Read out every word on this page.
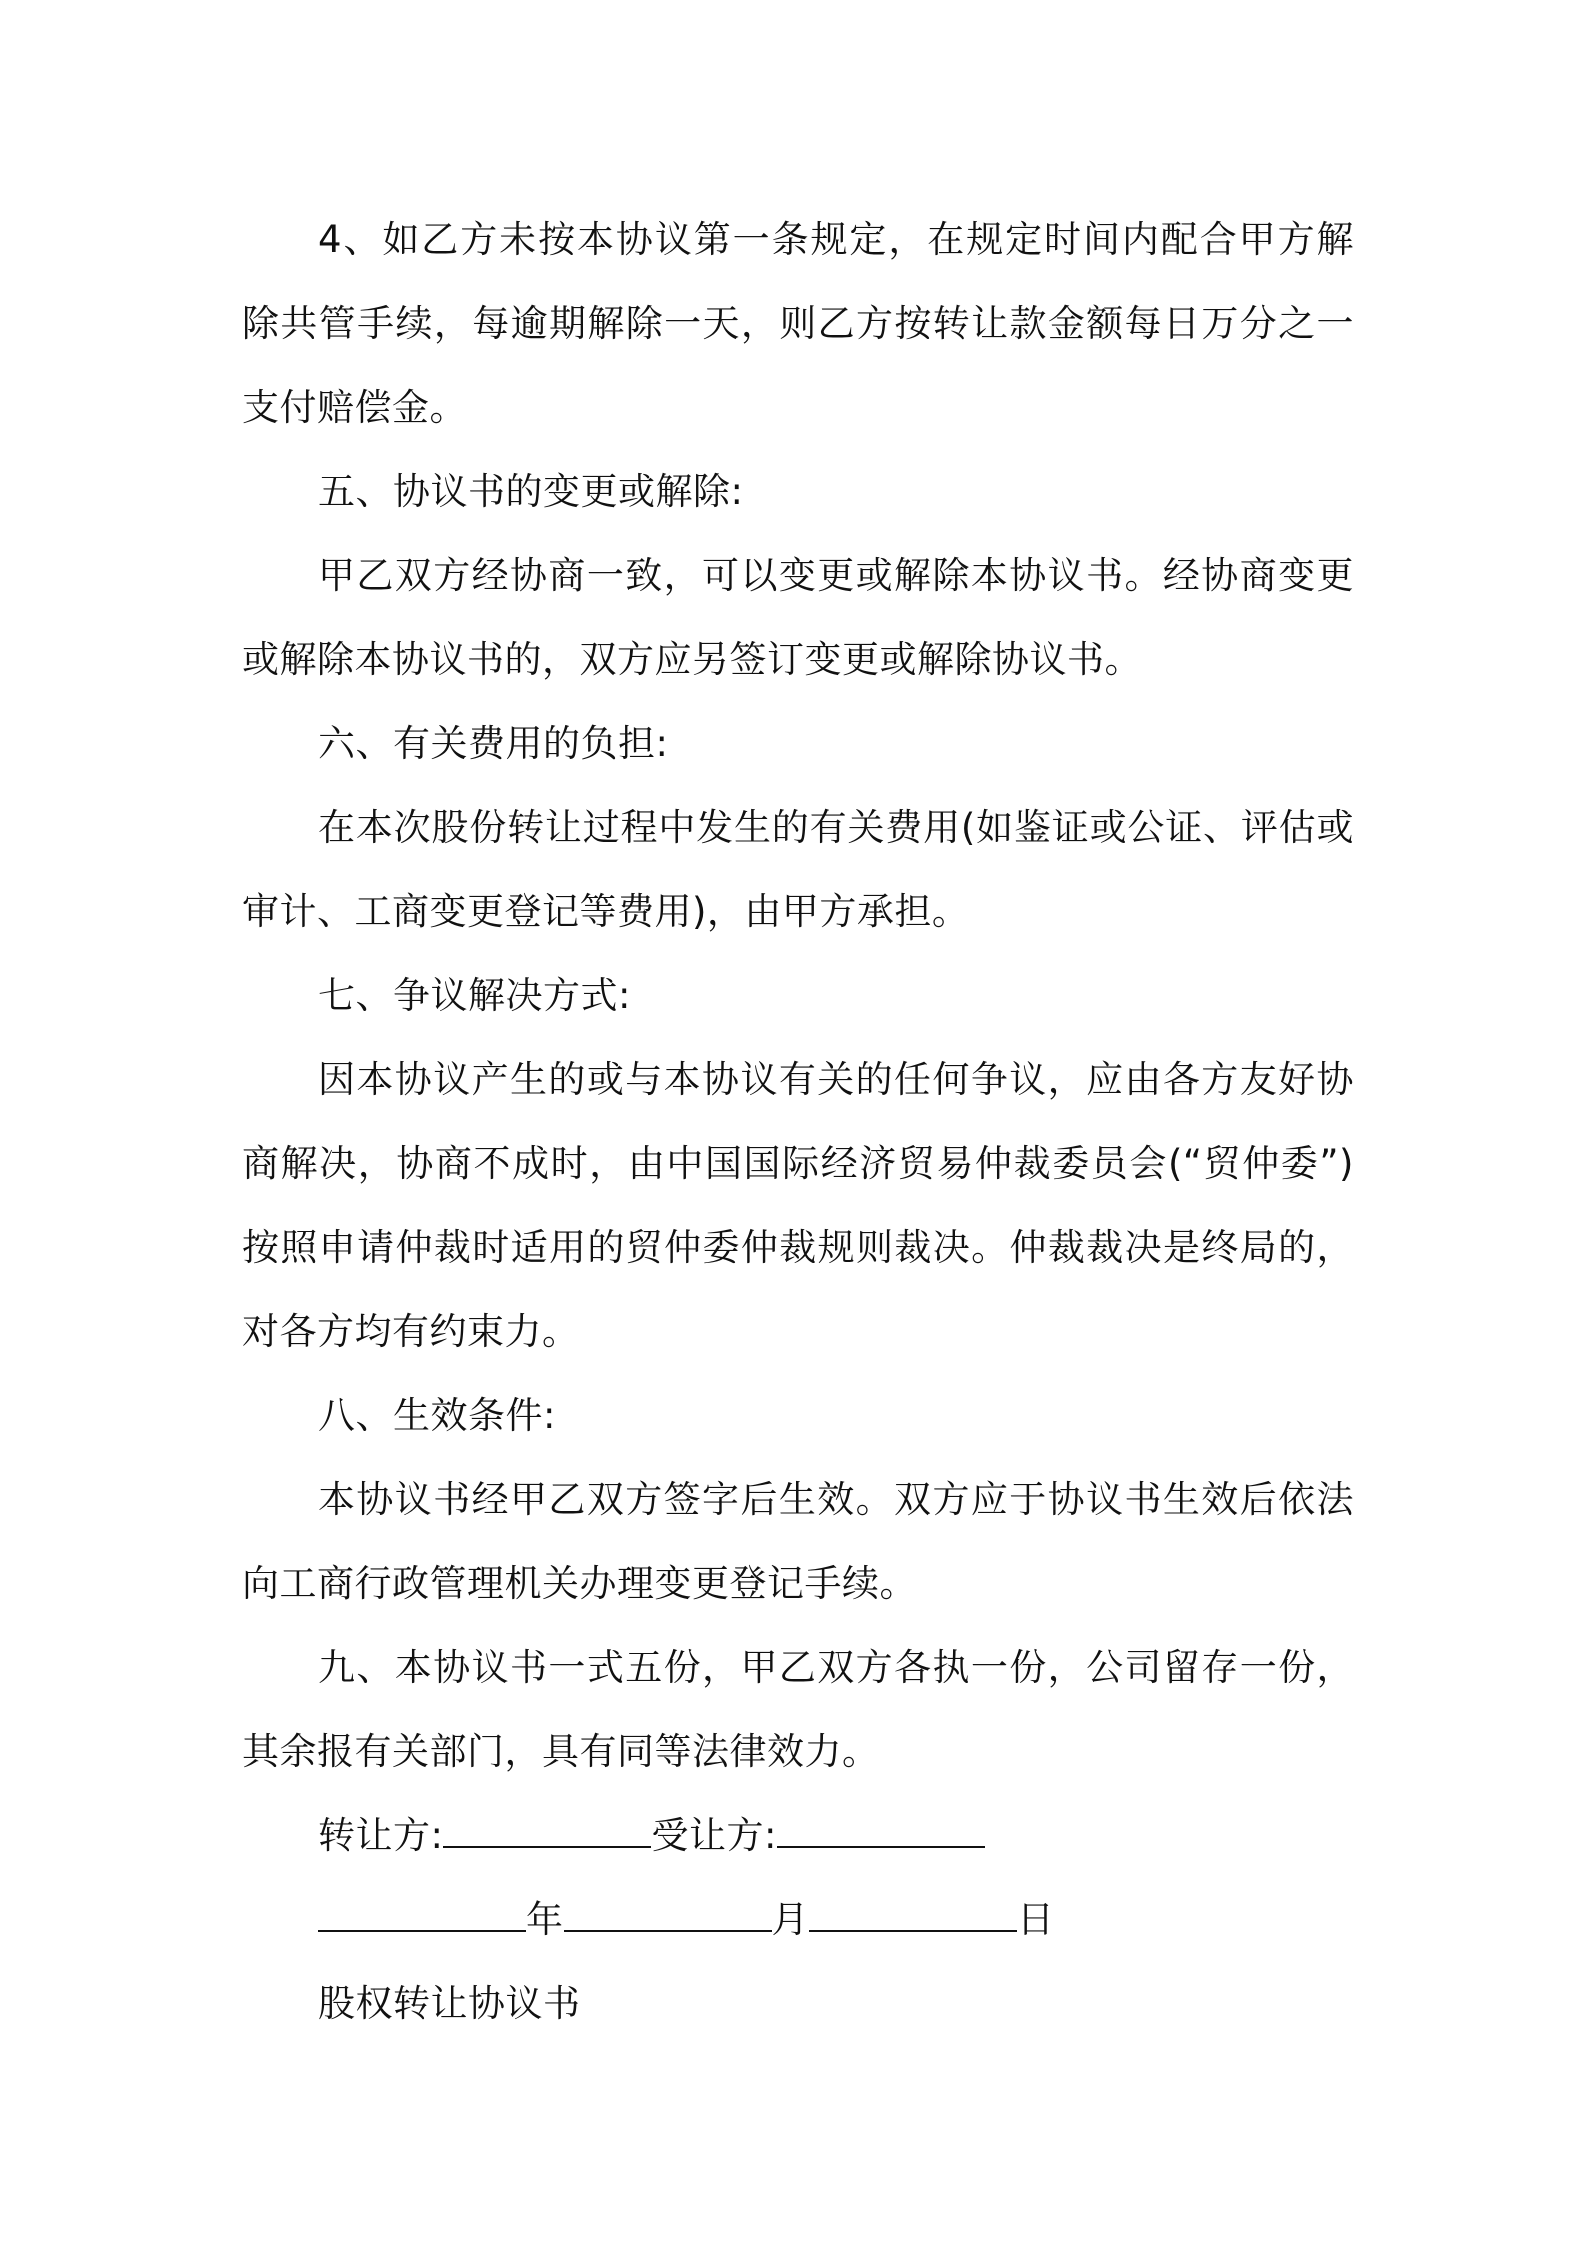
4、如乙方未按本协议第一条规定，在规定时间内配合甲方解除共管手续，每逾期解除一天，则乙方按转让款金额每日万分之一支付赔偿金。

五、协议书的变更或解除:

甲乙双方经协商一致，可以变更或解除本协议书。经协商变更或解除本协议书的，双方应另签订变更或解除协议书。

六、有关费用的负担:

在本次股份转让过程中发生的有关费用(如鉴证或公证、评估或审计、工商变更登记等费用)，由甲方承担。

七、争议解决方式:

因本协议产生的或与本协议有关的任何争议，应由各方友好协商解决，协商不成时，由中国国际经济贸易仲裁委员会(“贸仲委”)按照申请仲裁时适用的贸仲委仲裁规则裁决。仲裁裁决是终局的，对各方均有约束力。

八、生效条件:

本协议书经甲乙双方签字后生效。双方应于协议书生效后依法向工商行政管理机关办理变更登记手续。

九、本协议书一式五份，甲乙双方各执一份，公司留存一份，其余报有关部门，具有同等法律效力。

转让方:	受让方:

年	月	日

股权转让协议书
